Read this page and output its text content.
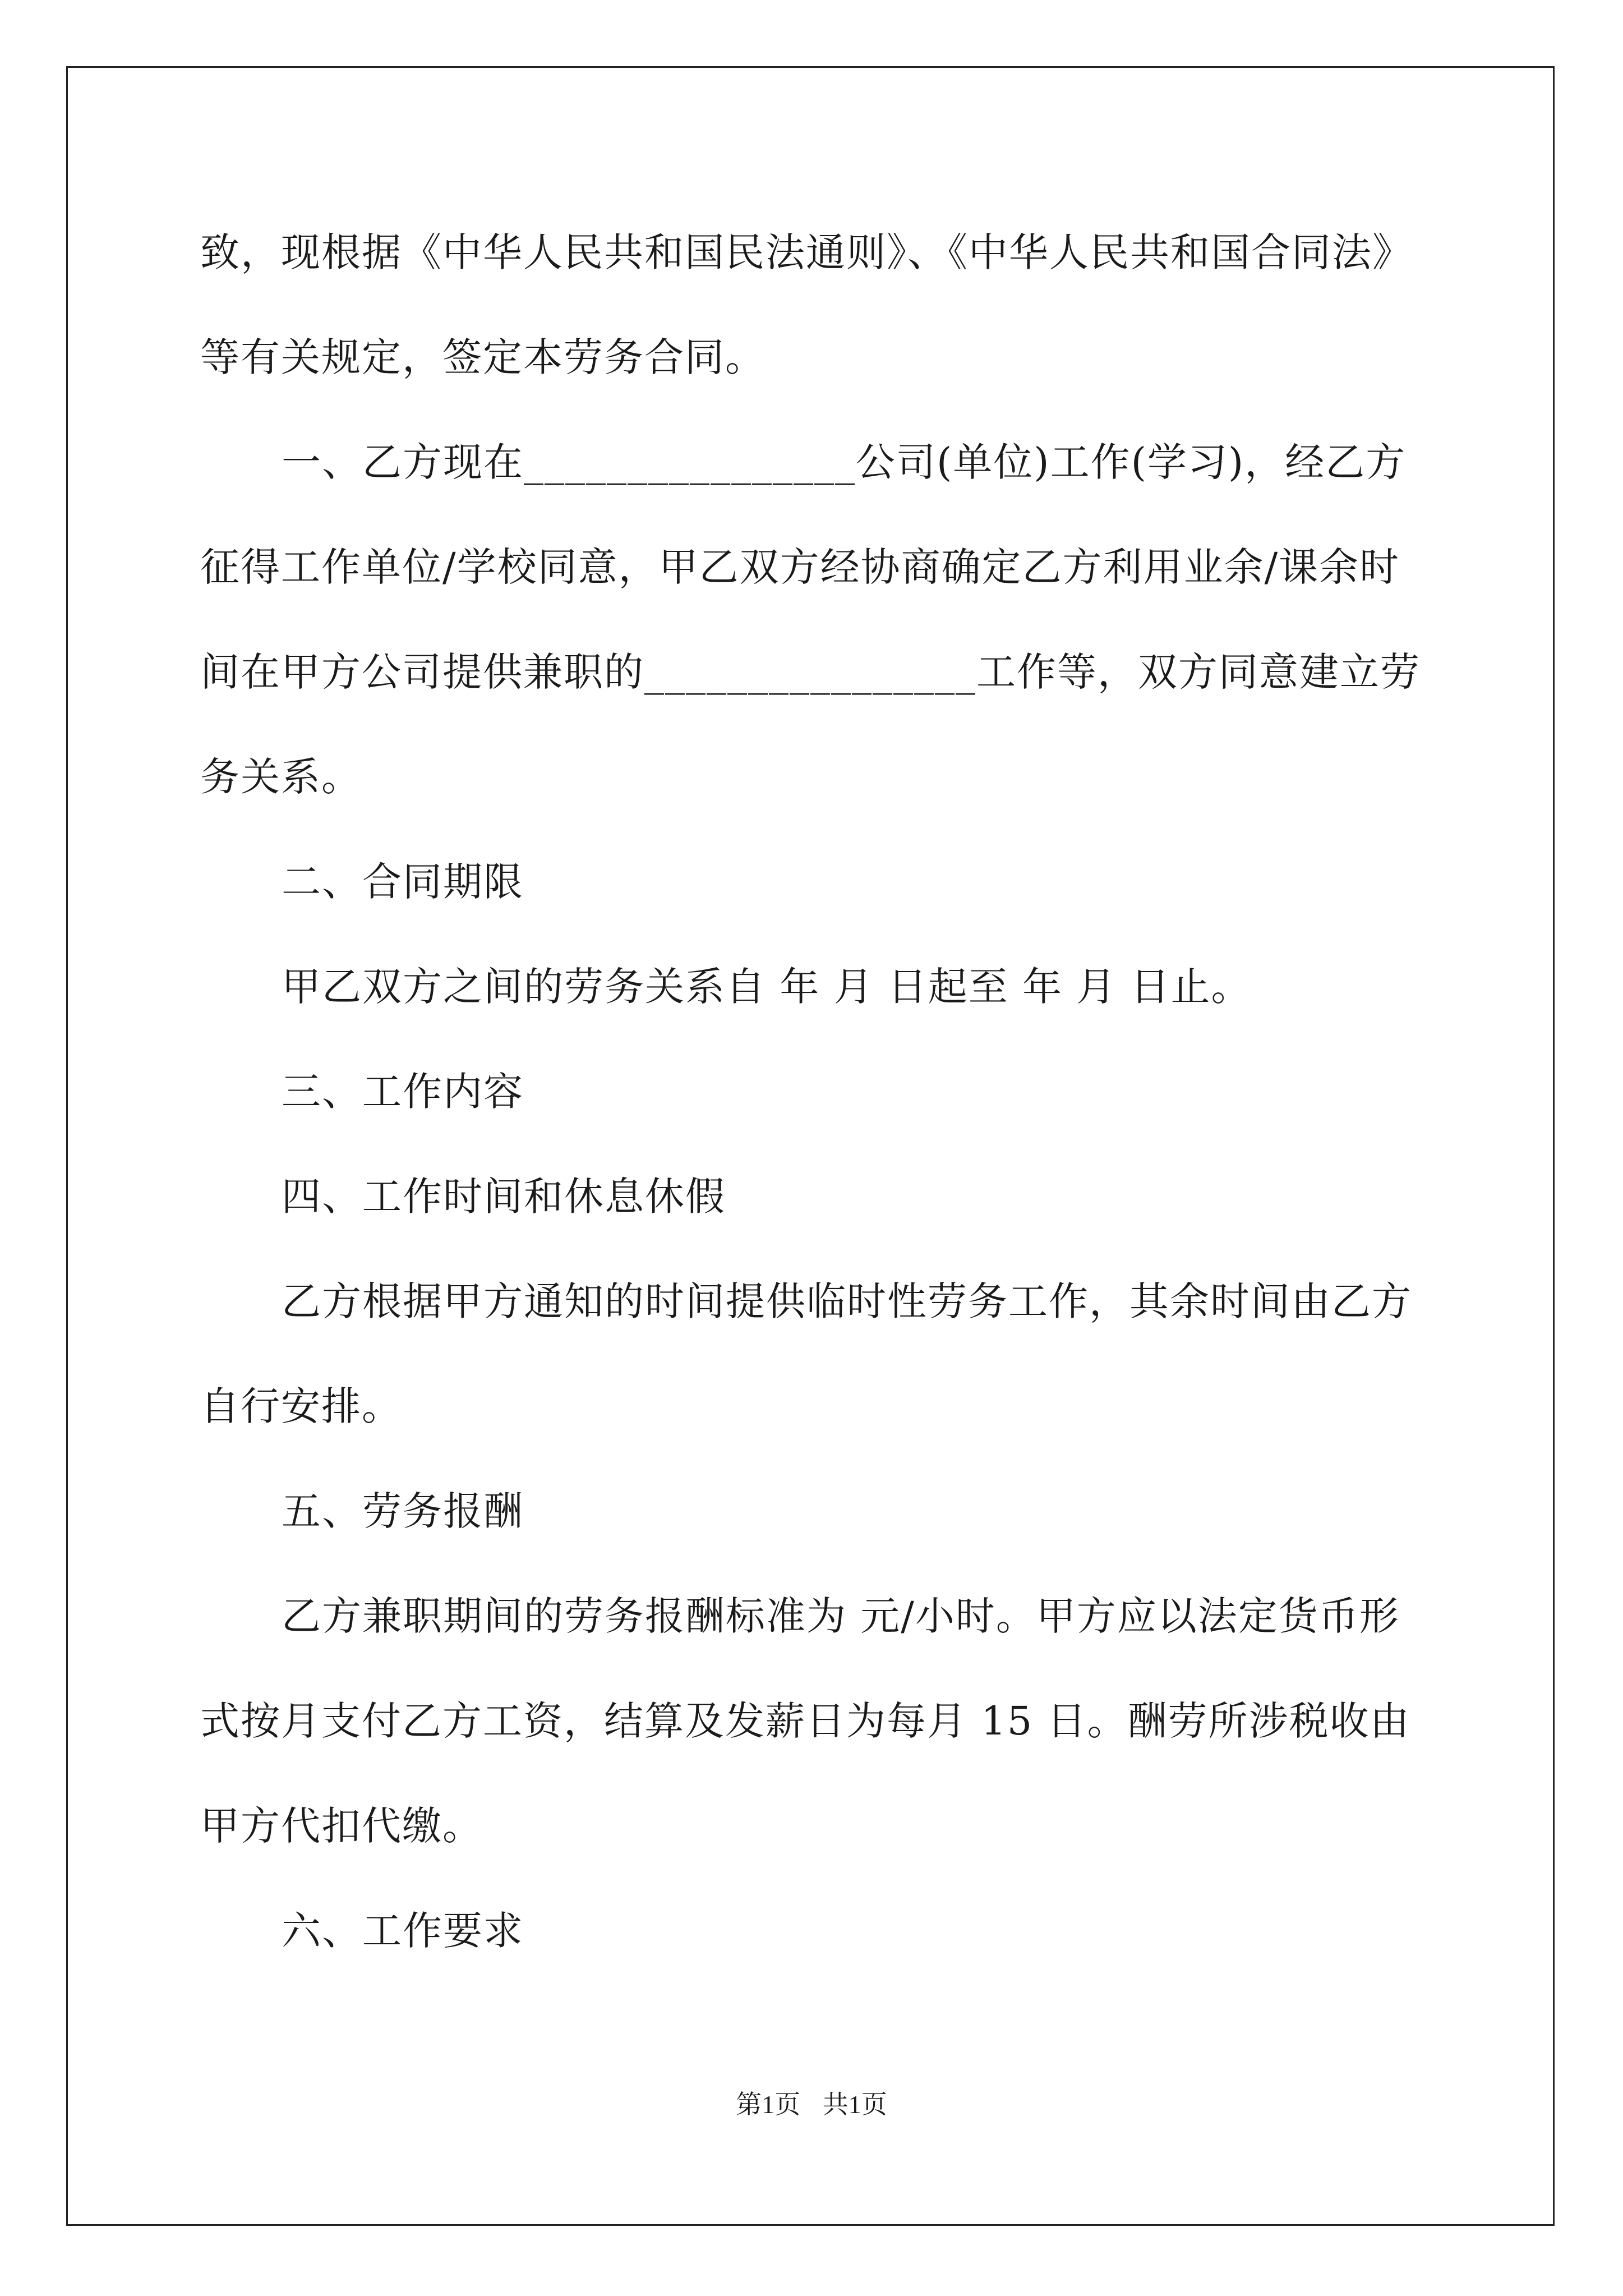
致，现根据《中华人民共和国民法通则》、《中华人民共和国合同法》
等有关规定，签定本劳务合同。
一、乙方现在________________公司(单位)工作(学习)，经乙方
征得工作单位/学校同意，甲乙双方经协商确定乙方利用业余/课余时
间在甲方公司提供兼职的________________工作等，双方同意建立劳
务关系。
二、合同期限
甲乙双方之间的劳务关系自 年 月 日起至 年 月 日止。
三、工作内容
四、工作时间和休息休假
乙方根据甲方通知的时间提供临时性劳务工作，其余时间由乙方
自行安排。
五、劳务报酬
乙方兼职期间的劳务报酬标准为 元/小时。甲方应以法定货币形
式按月支付乙方工资，结算及发薪日为每月 15 日。酬劳所涉税收由
甲方代扣代缴。
六、工作要求
第1页 共1页
